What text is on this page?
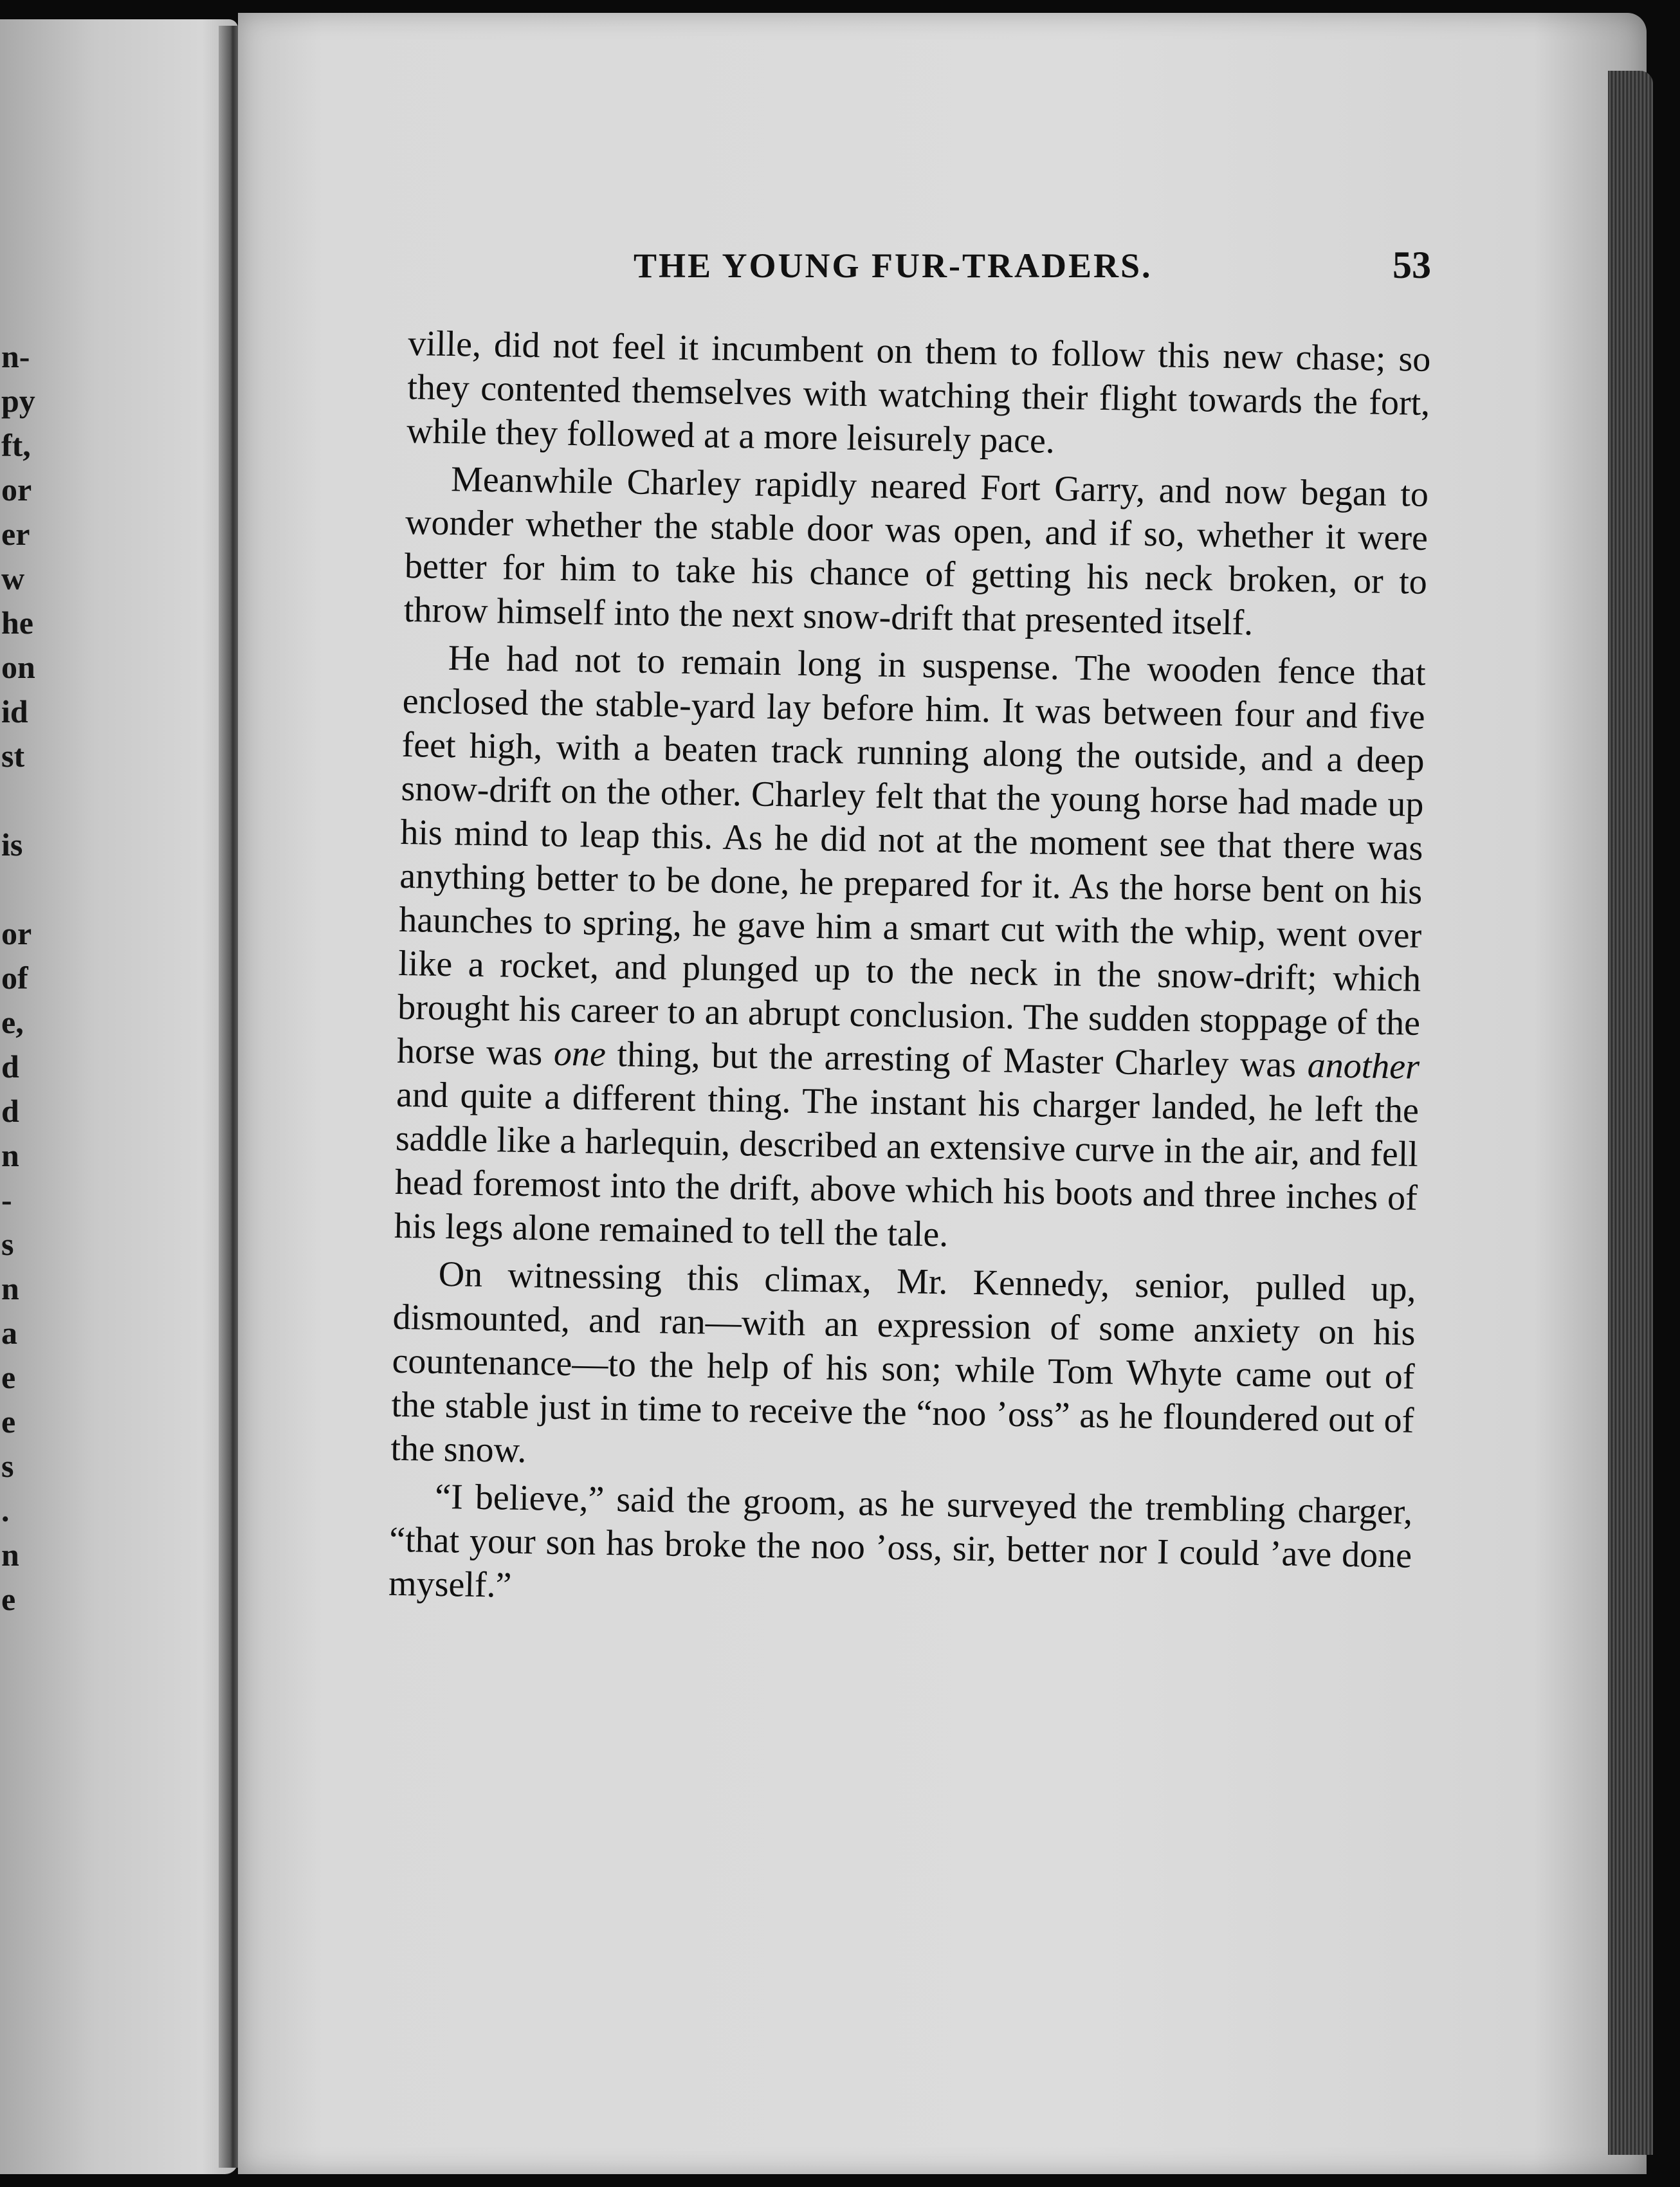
n-
py
ft,
or
er
w
he
on
id
st
is
or
of
e,
d
d
n
-
s
n
a
e
e
s
.
n
e
THE YOUNG FUR-TRADERS.	53

ville, did not feel it incumbent on them to follow this new chase; so they contented themselves with watching their flight towards the fort, while they followed at a more leisurely pace.

Meanwhile Charley rapidly neared Fort Garry, and now began to wonder whether the stable door was open, and if so, whether it were better for him to take his chance of getting his neck broken, or to throw himself into the next snow-drift that presented itself.

He had not to remain long in suspense. The wooden fence that enclosed the stable-yard lay before him. It was between four and five feet high, with a beaten track running along the outside, and a deep snow-drift on the other. Charley felt that the young horse had made up his mind to leap this. As he did not at the moment see that there was anything better to be done, he prepared for it. As the horse bent on his haunches to spring, he gave him a smart cut with the whip, went over like a rocket, and plunged up to the neck in the snow-drift; which brought his career to an abrupt conclusion. The sudden stoppage of the horse was one thing, but the arresting of Master Charley was another and quite a different thing. The instant his charger landed, he left the saddle like a harlequin, described an extensive curve in the air, and fell head foremost into the drift, above which his boots and three inches of his legs alone remained to tell the tale.

On witnessing this climax, Mr. Kennedy, senior, pulled up, dismounted, and ran—with an expression of some anxiety on his countenance—to the help of his son; while Tom Whyte came out of the stable just in time to receive the “noo ’oss” as he floundered out of the snow.

“I believe,” said the groom, as he surveyed the trembling charger, “that your son has broke the noo ’oss, sir, better nor I could ’ave done myself.”
